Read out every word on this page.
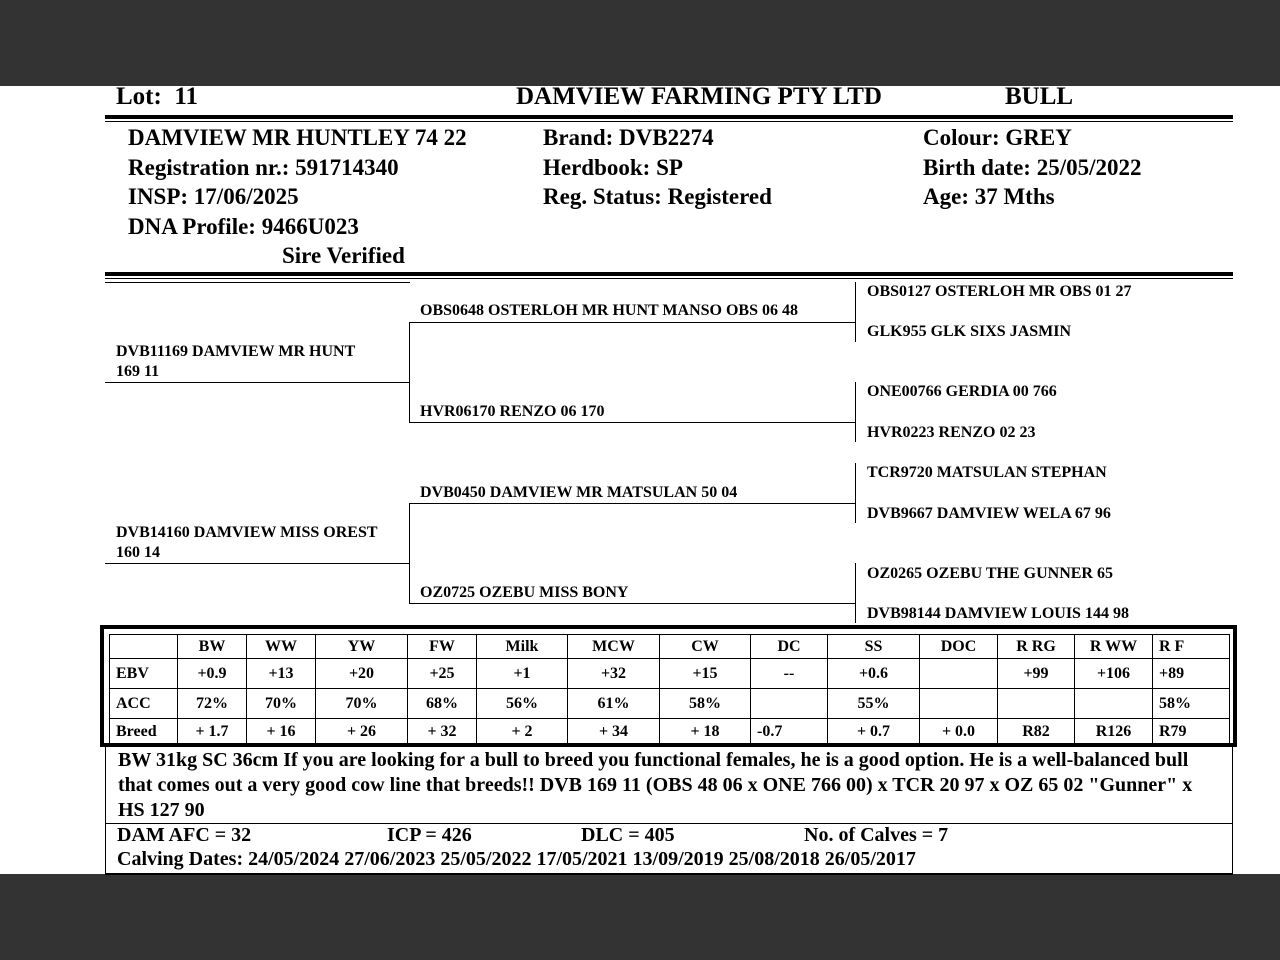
Lot: 11	DAMVIEW FARMING PTY LTD	BULL
DAMVIEW MR HUNTLEY 74 22
Registration nr.: 591714340
INSP: 17/06/2025
DNA Profile: 9466U023
Sire Verified
Brand: DVB2274
Herdbook: SP
Reg. Status: Registered
Colour: GREY
Birth date: 25/05/2022
Age: 37 Mths
DVB11169 DAMVIEW MR HUNT
169 11
DVB14160 DAMVIEW MISS OREST
160 14
OBS0648 OSTERLOH MR HUNT MANSO OBS 06 48
HVR06170 RENZO 06 170
DVB0450 DAMVIEW MR MATSULAN 50 04
OZ0725 OZEBU MISS BONY
OBS0127 OSTERLOH MR OBS 01 27
GLK955 GLK SIXS JASMIN
ONE00766 GERDIA 00 766
HVR0223 RENZO 02 23
TCR9720 MATSULAN STEPHAN
DVB9667 DAMVIEW WELA 67 96
OZ0265 OZEBU THE GUNNER 65
DVB98144 DAMVIEW LOUIS 144 98
	BW	WW	YW	FW	Milk	MCW	CW	DC	SS	DOC	R RG	R WW	R F
EBV	+0.9	+13	+20	+25	+1	+32	+15	--	+0.6		+99	+106	+89
ACC	72%	70%	70%	68%	56%	61%	58%		55%				58%
Breed	+ 1.7	+ 16	+ 26	+ 32	+ 2	+ 34	+ 18	-0.7	+ 0.7	+ 0.0	R82	R126	R79
BW 31kg SC 36cm If you are looking for a bull to breed you functional females, he is a good option. He is a well-balanced bull that comes out a very good cow line that breeds!! DVB 169 11 (OBS 48 06 x ONE 766 00) x TCR 20 97 x OZ 65 02 "Gunner" x HS 127 90
DAM AFC = 32	ICP = 426	DLC = 405	No. of Calves = 7
Calving Dates: 24/05/2024 27/06/2023 25/05/2022 17/05/2021 13/09/2019 25/08/2018 26/05/2017
